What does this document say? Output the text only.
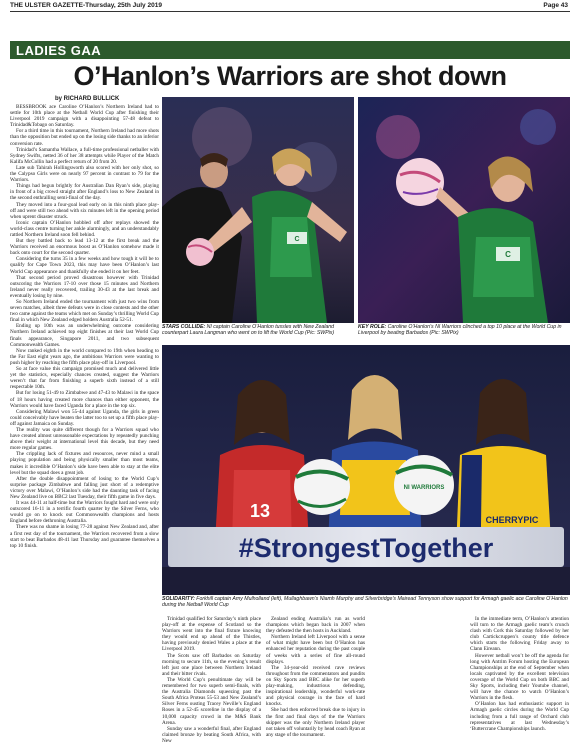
THE ULSTER GAZETTE-Thursday, 25th July 2019	Page 43
LADIES GAA
O’Hanlon’s Warriors are shot down
by RICHARD BULLICK

BESSBROOK ace Caroline O’Hanlon’s Northern Ireland had to settle for 10th place at the Netball World Cup after finishing their Liverpool 2019 campaign with a disappointing 57-48 defeat to Trinidad&Tobago on Saturday.

For a third time in this tournament, Northern Ireland had more shots than the opposition but ended up on the losing side thanks to an inferior conversion rate.

Trinidad’s Samantha Wallace, a full-time professional netballer with Sydney Swifts, netted 36 of her 38 attempts while Player of the Match Kalifa McCollin had a perfect return of 20 from 20.

Late sub Tahirah Hollingsworth also scored with her only shot, so the Calypso Girls were on nearly 97 percent in contrast to 79 for the Warriors.

Things had begun brightly for Australian Dan Ryan’s side, playing in front of a big crowd straight after England’s loss to New Zealand in the second enthralling semi-final of the day.

They moved into a four-goal lead early on in this ninth place play-off and were still two ahead with six minutes left in the opening period when uprent disaster struck.

Iconic captain O’Hanlon hobbled off after replays showed the world-class centre turning her ankle alarmingly, and an understandably rattled Northern Ireland soon fell behind.

But they battled back to lead 13-12 at the first break and the Warriors received an enormous boost as O’Hanlon somehow made it back onto court for the second quarter.

Considering the turns 35 in a few weeks and how tough it will be to qualify for Cape Town 2023, this may have been O’Hanlon’s last World Cup appearance and thankfully she ended it on her feet.

That second period proved disastrous however with Trinidad outscoring the Warriors 17-10 over those 15 minutes and Northern Ireland never really recovered, trailing 30-43 at the last break and eventually losing by nine.

So Northern Ireland ended the tournament with just two wins from seven matches, albeit three defeats were in close contests and the other two came against the teams which met on Sunday’s thrilling World Cup final in which New Zealand edged holders Australia 52-51.

Ending up 10th was an underwhelming outcome considering Northern Ireland achieved top eight finishes at their last World Cup finals appearance, Singapore 2011, and two subsequent Commonwealth Games.

Now ranked eighth in the world compared to 19th when heading to the Far East eight years ago, the ambitious Warriors were wanting to push higher by reaching the fifth place play-off in Liverpool.

So at face value this campaign promised much and delivered little yet the statistics, especially chances created, suggest the Warriors weren’t that far from finishing a superb sixth instead of a still respectable 10th.

But for losing 51-49 to Zimbabwe and 47-43 to Malawi in the space of 18 hours having created more chances than either opponent, the Warriors would have faced Uganda for a place in the top six.

Considering Malawi won 55-44 against Uganda, the girls in green could conceivably have beaten the latter too to set up a fifth place play-off against Jamaica on Sunday.

The reality was quite different though for a Warriors squad who have created almost unreasonable expectations by repeatedly punching above their weight at international level this decade, but they need more regular games.

The crippling lack of fixtures and resources, never mind a small playing population and being physically smaller than most teams, makes it incredible O’Hanlon’s side have been able to stay at the elite level but the squad does a great job.

After the double disappointment of losing to the World Cup’s surprise package Zimbabwe and falling just short of a redemptive victory over Malawi, O’Hanlon’s side had the daunting task of facing New Zealand live on BBC2 last Tuesday, their fifth game in five days.

It was 44-11 at half-time but the Warriors fought hard and were only outscored 16-11 in a terrific fourth quarter by the Silver Ferns, who would go on to knock out Commonwealth champions and hosts England before dethroning Australia.

There was no shame in losing 77-28 against New Zealand and, after a first rest day of the tournament, the Warriors recovered from a slow start to beat Barbados 48-41 last Thursday and guarantee themselves a top 10 finish.

C
C
STARS COLLIDE: NI captain Caroline O’Hanlon tussles with New Zealand counterpart Laura Langman who went on to lift the World Cup (Pic: SWPix)
KEY ROLE: Caroline O’Hanlon’s NI Warriors clinched a top 10 place at the World Cup in Liverpool by beating Barbados (Pic: SWPix)
13	CHERRYPIC
NI WARRIORS
#StrongestTogether
SOLIDARITY: Forkhill captain Amy Mulholland (left), Mullaghbawn’s Niamh Murphy and Silverbridge’s Mairead Tennyson show support for Armagh gaelic ace Caroline O’Hanlon during the Netball World Cup

Trinidad qualified for Saturday’s ninth place play-off at the expense of Scotland so the Warriors went into the final fixture knowing they would end up ahead of the Thistles, having previously denied Wales a place at the Liverpool 2019.

The Scots saw off Barbados on Saturday morning to secure 11th, so the evening’s result left just one place between Northern Ireland and their bitter rivals.

The World Cup’s penultimate day will be remembered for two superb semi-finals, with the Australia Diamonds squeezing past the South Africa Proteas 55-53 and New Zealand’s Silver Ferns ousting Tracey Neville’s England Roses in a 52-45 scoreline in the display of a 10,000 capacity crowd in the M&S Bank Arena.

Sunday saw a wonderful final, after England claimed bronze by beating South Africa, with New

Zealand ending Australia’s run as world champions which began back in 2007 when they defeated the then hosts in Auckland.

Northern Ireland left Liverpool with a sense of what might have been but O’Hanlon has enhanced her reputation during the past couple of weeks with a series of fine all-round displays.

The 34-year-old received rave reviews throughout from the commentators and pundits on Sky Sports and BBC alike for her superb play-making, industrious defending, inspirational leadership, wonderful work-rate and physical courage in the face of hard knocks.

She had then enforced break due to injury in the first and final days of the the Warriors skipper was the only Northern Ireland player not taken off voluntarily by head coach Ryan at any stage of the tournament.

In the immediate term, O’Hanlon’s attention will turn to the Armagh gaelic team’s crunch clash with Cork this Saturday followed by her club Cartickcruppen’s county title defence which starts the following Friday away to Clann Eireann.

However netball won’t be off the agenda for long with Antrim Forum hosting the European Championships at the end of September when locals captivated by the excellent television coverage of the World Cup on both BBC and Sky Sports, including their Youtube channel, will have the chance to watch O’Hanlon’s Warriors in the flesh.

O’Hanlon has had enthusiastic support in Armagh gaelic circles during the World Cup including from a full range of Orchard club representatives at last Wednesday’s ‘Buttercrane Championships launch.
